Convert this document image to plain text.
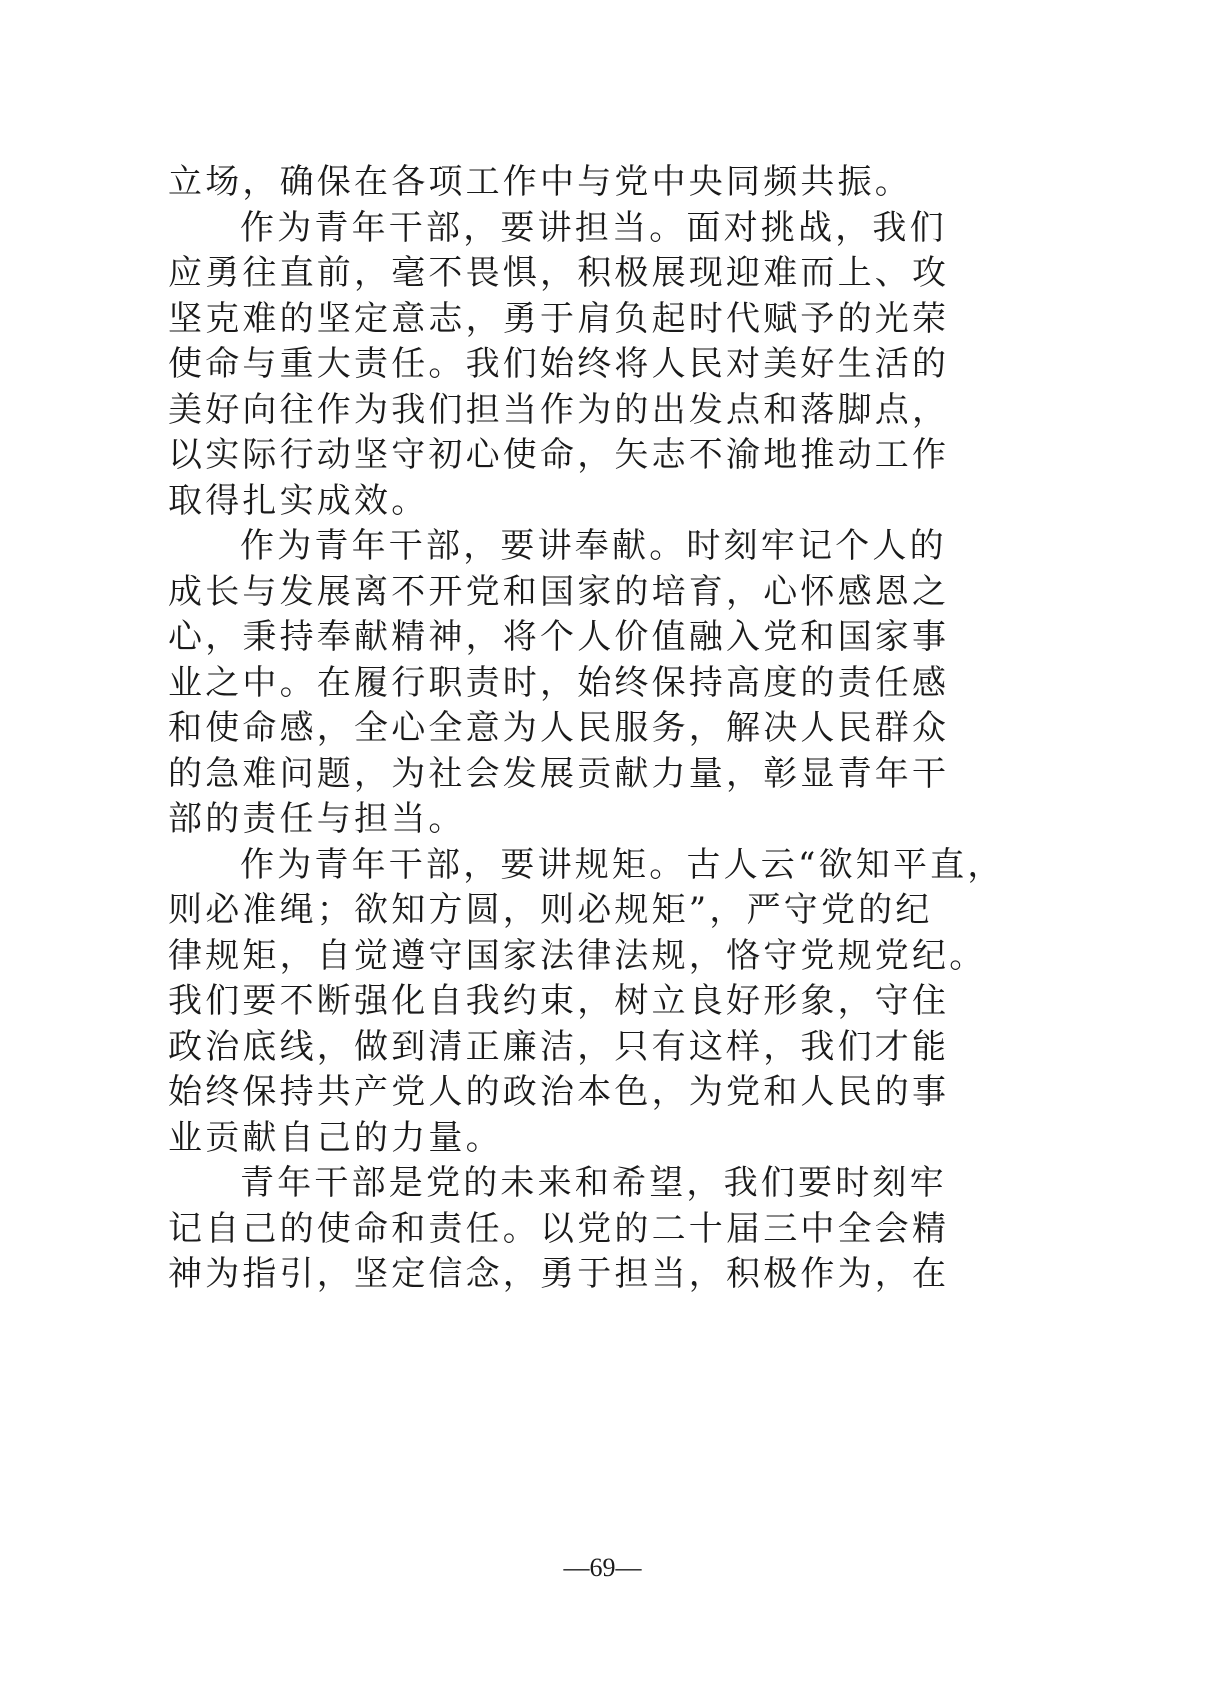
立场，确保在各项工作中与党中央同频共振。
作为青年干部，要讲担当。面对挑战，我们
应勇往直前，毫不畏惧，积极展现迎难而上、攻
坚克难的坚定意志，勇于肩负起时代赋予的光荣
使命与重大责任。我们始终将人民对美好生活的
美好向往作为我们担当作为的出发点和落脚点，
以实际行动坚守初心使命，矢志不渝地推动工作
取得扎实成效。
作为青年干部，要讲奉献。时刻牢记个人的
成长与发展离不开党和国家的培育，心怀感恩之
心，秉持奉献精神，将个人价值融入党和国家事
业之中。在履行职责时，始终保持高度的责任感
和使命感，全心全意为人民服务，解决人民群众
的急难问题，为社会发展贡献力量，彰显青年干
部的责任与担当。
作为青年干部，要讲规矩。古人云“欲知平直，
则必准绳；欲知方圆，则必规矩”，严守党的纪
律规矩，自觉遵守国家法律法规，恪守党规党纪。
我们要不断强化自我约束，树立良好形象，守住
政治底线，做到清正廉洁，只有这样，我们才能
始终保持共产党人的政治本色，为党和人民的事
业贡献自己的力量。
青年干部是党的未来和希望，我们要时刻牢
记自己的使命和责任。以党的二十届三中全会精
神为指引，坚定信念，勇于担当，积极作为，在
—69—
